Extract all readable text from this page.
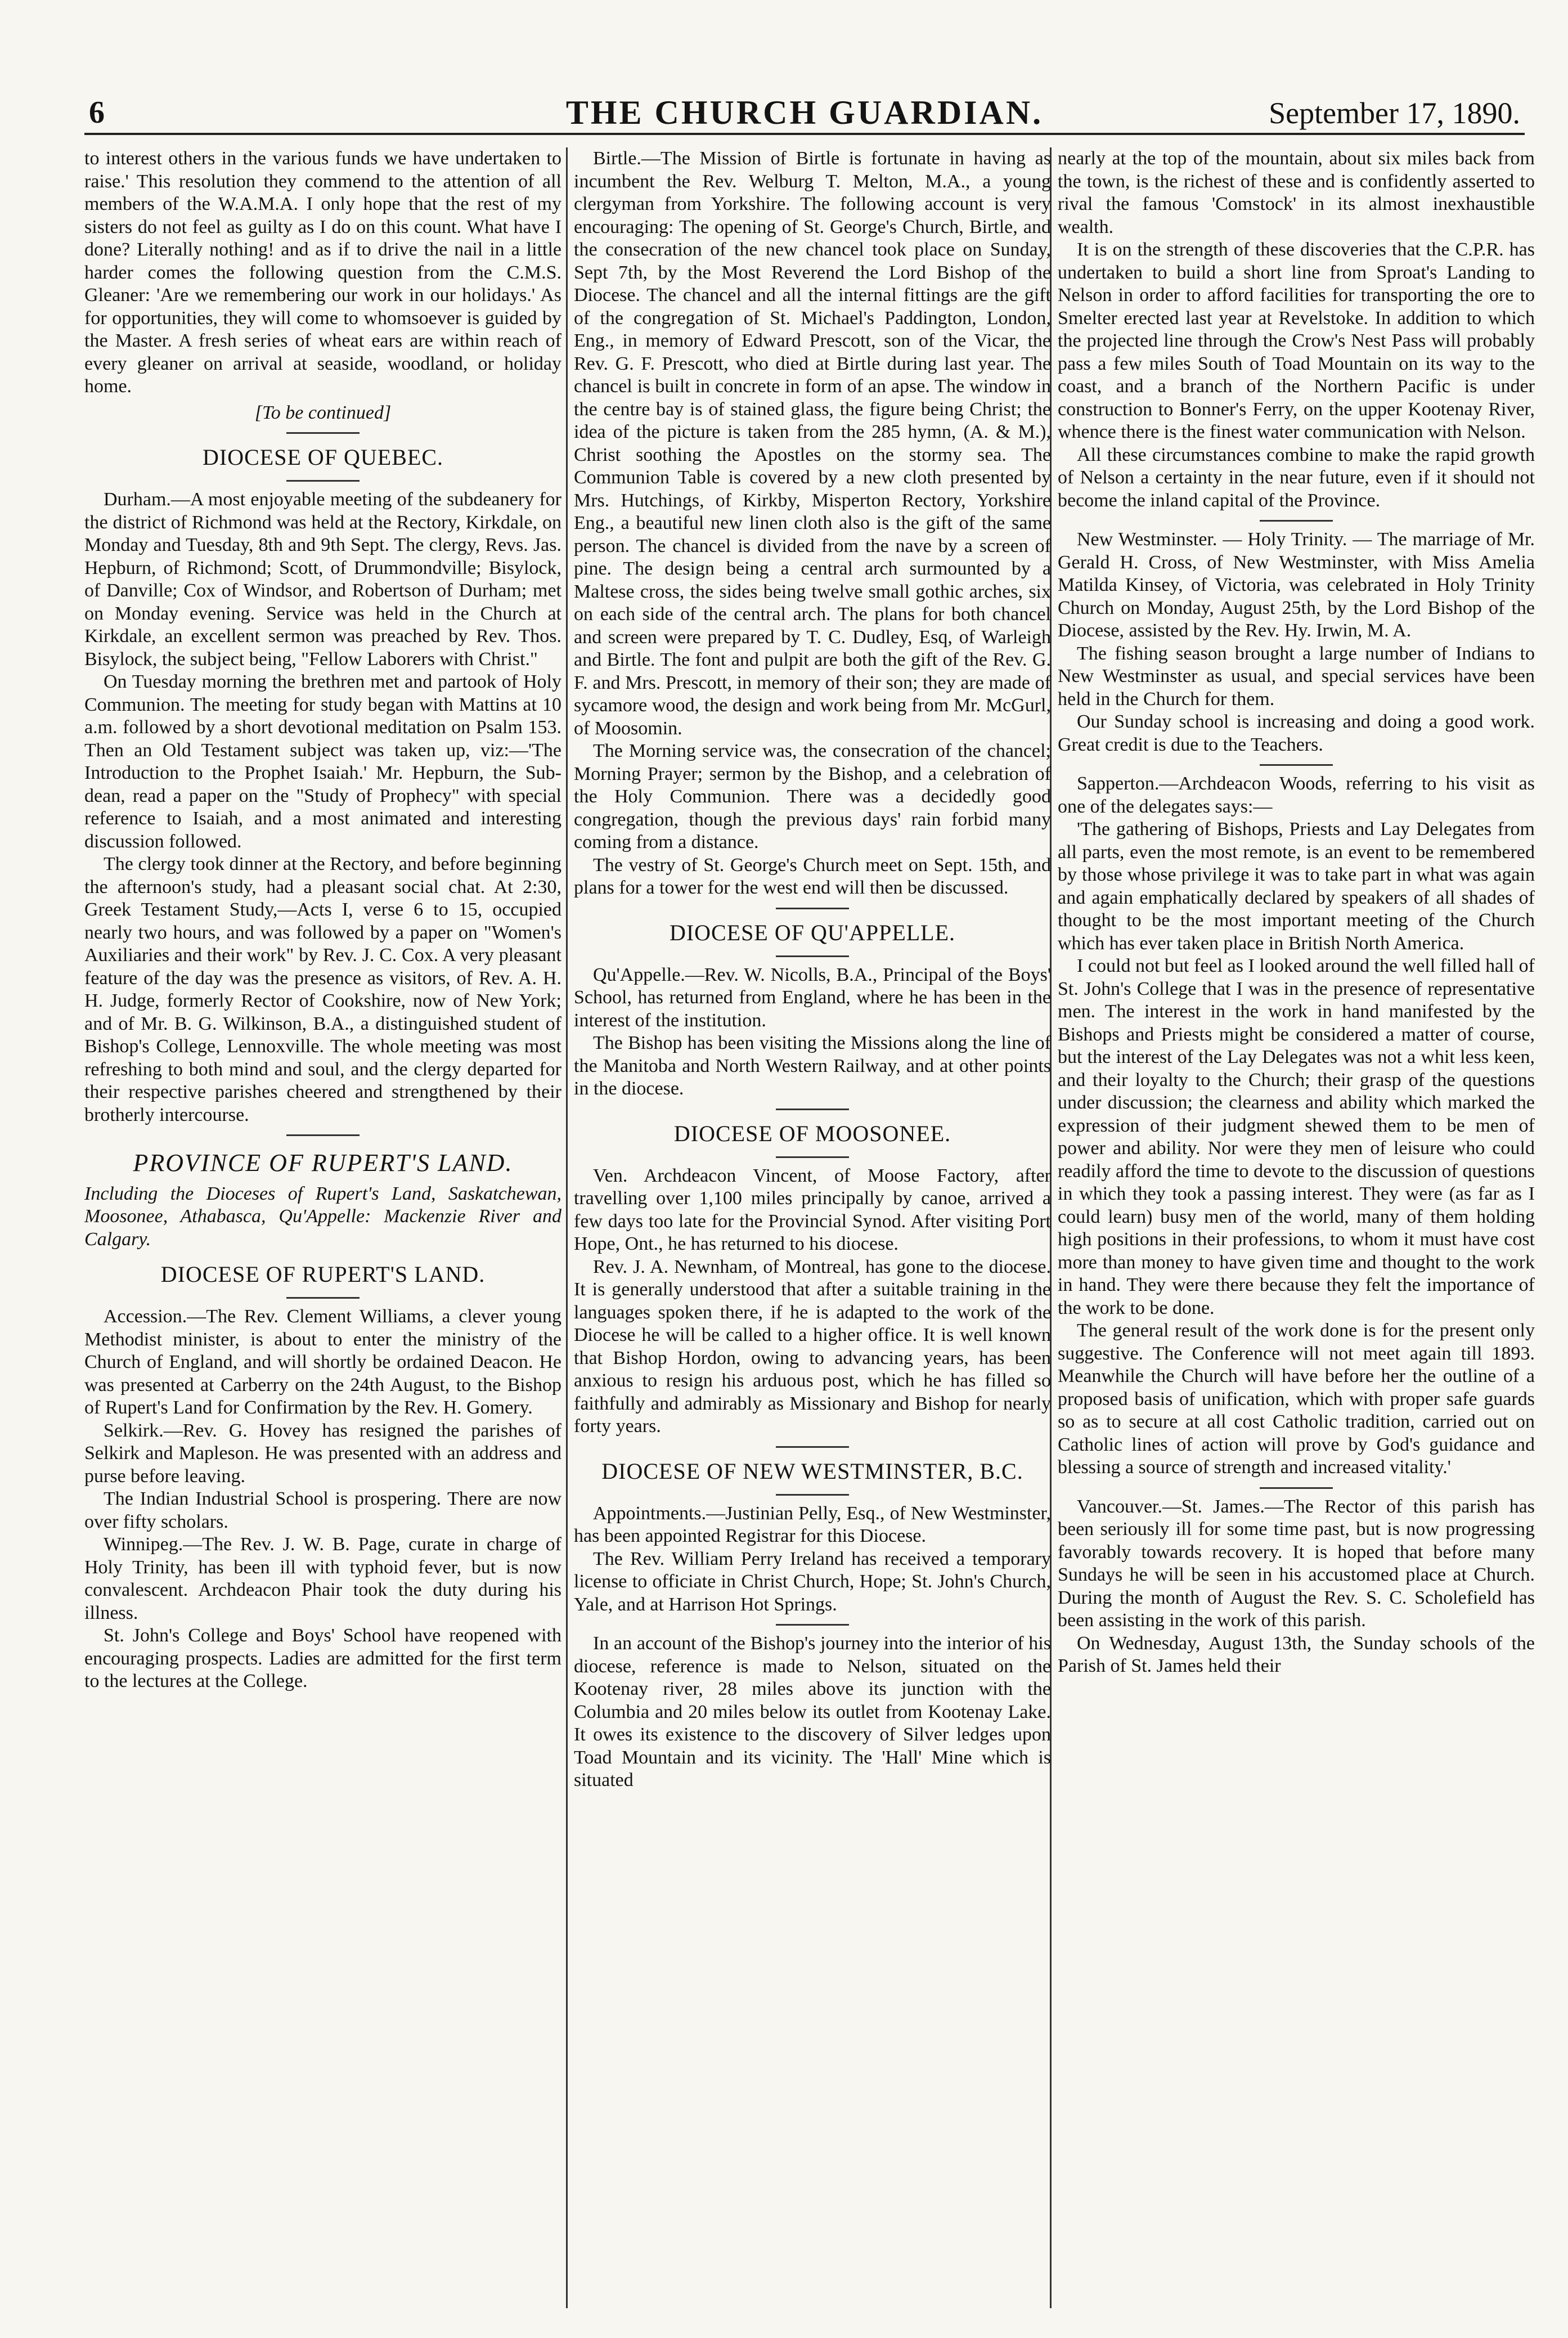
6	THE CHURCH GUARDIAN.	September 17, 1890.

to interest others in the various funds we have undertaken to raise.' This resolution they commend to the attention of all members of the W.A.M.A. I only hope that the rest of my sisters do not feel as guilty as I do on this count. What have I done? Literally nothing! and as if to drive the nail in a little harder comes the following question from the C.M.S. Gleaner: 'Are we remembering our work in our holidays.' As for opportunities, they will come to whomsoever is guided by the Master. A fresh series of wheat ears are within reach of every gleaner on arrival at seaside, woodland, or holiday home.

[To be continued]
DIOCESE OF QUEBEC.

Durham.—A most enjoyable meeting of the subdeanery for the district of Richmond was held at the Rectory, Kirkdale, on Monday and Tuesday, 8th and 9th Sept. The clergy, Revs. Jas. Hepburn, of Richmond; Scott, of Drummondville; Bisylock, of Danville; Cox of Windsor, and Robertson of Durham; met on Monday evening. Service was held in the Church at Kirkdale, an excellent sermon was preached by Rev. Thos. Bisylock, the subject being, "Fellow Laborers with Christ."

On Tuesday morning the brethren met and partook of Holy Communion. The meeting for study began with Mattins at 10 a.m. followed by a short devotional meditation on Psalm 153. Then an Old Testament subject was taken up, viz:—'The Introduction to the Prophet Isaiah.' Mr. Hepburn, the Sub-dean, read a paper on the "Study of Prophecy" with special reference to Isaiah, and a most animated and interesting discussion followed.

The clergy took dinner at the Rectory, and before beginning the afternoon's study, had a pleasant social chat. At 2:30, Greek Testament Study,—Acts I, verse 6 to 15, occupied nearly two hours, and was followed by a paper on "Women's Auxiliaries and their work" by Rev. J. C. Cox. A very pleasant feature of the day was the presence as visitors, of Rev. A. H. H. Judge, formerly Rector of Cookshire, now of New York; and of Mr. B. G. Wilkinson, B.A., a distinguished student of Bishop's College, Lennoxville. The whole meeting was most refreshing to both mind and soul, and the clergy departed for their respective parishes cheered and strengthened by their brotherly intercourse.

PROVINCE OF RUPERT'S LAND.
Including the Dioceses of Rupert's Land, Saskatchewan, Moosonee, Athabasca, Qu'Appelle: Mackenzie River and Calgary.
DIOCESE OF RUPERT'S LAND.

Accession.—The Rev. Clement Williams, a clever young Methodist minister, is about to enter the ministry of the Church of England, and will shortly be ordained Deacon. He was presented at Carberry on the 24th August, to the Bishop of Rupert's Land for Confirmation by the Rev. H. Gomery.

Selkirk.—Rev. G. Hovey has resigned the parishes of Selkirk and Mapleson. He was presented with an address and purse before leaving.

The Indian Industrial School is prospering. There are now over fifty scholars.

Winnipeg.—The Rev. J. W. B. Page, curate in charge of Holy Trinity, has been ill with typhoid fever, but is now convalescent. Archdeacon Phair took the duty during his illness.

St. John's College and Boys' School have reopened with encouraging prospects. Ladies are admitted for the first term to the lectures at the College.

Birtle.—The Mission of Birtle is fortunate in having as incumbent the Rev. Welburg T. Melton, M.A., a young clergyman from Yorkshire. The following account is very encouraging: The opening of St. George's Church, Birtle, and the consecration of the new chancel took place on Sunday, Sept 7th, by the Most Reverend the Lord Bishop of the Diocese. The chancel and all the internal fittings are the gift of the congregation of St. Michael's Paddington, London, Eng., in memory of Edward Prescott, son of the Vicar, the Rev. G. F. Prescott, who died at Birtle during last year. The chancel is built in concrete in form of an apse. The window in the centre bay is of stained glass, the figure being Christ; the idea of the picture is taken from the 285 hymn, (A. & M.), Christ soothing the Apostles on the stormy sea. The Communion Table is covered by a new cloth presented by Mrs. Hutchings, of Kirkby, Misperton Rectory, Yorkshire Eng., a beautiful new linen cloth also is the gift of the same person. The chancel is divided from the nave by a screen of pine. The design being a central arch surmounted by a Maltese cross, the sides being twelve small gothic arches, six on each side of the central arch. The plans for both chancel and screen were prepared by T. C. Dudley, Esq, of Warleigh and Birtle. The font and pulpit are both the gift of the Rev. G. F. and Mrs. Prescott, in memory of their son; they are made of sycamore wood, the design and work being from Mr. McGurl, of Moosomin.

The Morning service was, the consecration of the chancel; Morning Prayer; sermon by the Bishop, and a celebration of the Holy Communion. There was a decidedly good congregation, though the previous days' rain forbid many coming from a distance.

The vestry of St. George's Church meet on Sept. 15th, and plans for a tower for the west end will then be discussed.

DIOCESE OF QU'APPELLE.

Qu'Appelle.—Rev. W. Nicolls, B.A., Principal of the Boys' School, has returned from England, where he has been in the interest of the institution.

The Bishop has been visiting the Missions along the line of the Manitoba and North Western Railway, and at other points in the diocese.

DIOCESE OF MOOSONEE.

Ven. Archdeacon Vincent, of Moose Factory, after travelling over 1,100 miles principally by canoe, arrived a few days too late for the Provincial Synod. After visiting Port Hope, Ont., he has returned to his diocese.

Rev. J. A. Newnham, of Montreal, has gone to the diocese. It is generally understood that after a suitable training in the languages spoken there, if he is adapted to the work of the Diocese he will be called to a higher office. It is well known that Bishop Hordon, owing to advancing years, has been anxious to resign his arduous post, which he has filled so faithfully and admirably as Missionary and Bishop for nearly forty years.

DIOCESE OF NEW WESTMINSTER, B.C.

Appointments.—Justinian Pelly, Esq., of New Westminster, has been appointed Registrar for this Diocese.

The Rev. William Perry Ireland has received a temporary license to officiate in Christ Church, Hope; St. John's Church, Yale, and at Harrison Hot Springs.

In an account of the Bishop's journey into the interior of his diocese, reference is made to Nelson, situated on the Kootenay river, 28 miles above its junction with the Columbia and 20 miles below its outlet from Kootenay Lake. It owes its existence to the discovery of Silver ledges upon Toad Mountain and its vicinity. The 'Hall' Mine which is situated

nearly at the top of the mountain, about six miles back from the town, is the richest of these and is confidently asserted to rival the famous 'Comstock' in its almost inexhaustible wealth.

It is on the strength of these discoveries that the C.P.R. has undertaken to build a short line from Sproat's Landing to Nelson in order to afford facilities for transporting the ore to Smelter erected last year at Revelstoke. In addition to which the projected line through the Crow's Nest Pass will probably pass a few miles South of Toad Mountain on its way to the coast, and a branch of the Northern Pacific is under construction to Bonner's Ferry, on the upper Kootenay River, whence there is the finest water communication with Nelson.

All these circumstances combine to make the rapid growth of Nelson a certainty in the near future, even if it should not become the inland capital of the Province.

New Westminster. — Holy Trinity. — The marriage of Mr. Gerald H. Cross, of New Westminster, with Miss Amelia Matilda Kinsey, of Victoria, was celebrated in Holy Trinity Church on Monday, August 25th, by the Lord Bishop of the Diocese, assisted by the Rev. Hy. Irwin, M. A.

The fishing season brought a large number of Indians to New Westminster as usual, and special services have been held in the Church for them.

Our Sunday school is increasing and doing a good work. Great credit is due to the Teachers.

Sapperton.—Archdeacon Woods, referring to his visit as one of the delegates says:—

'The gathering of Bishops, Priests and Lay Delegates from all parts, even the most remote, is an event to be remembered by those whose privilege it was to take part in what was again and again emphatically declared by speakers of all shades of thought to be the most important meeting of the Church which has ever taken place in British North America.

I could not but feel as I looked around the well filled hall of St. John's College that I was in the presence of representative men. The interest in the work in hand manifested by the Bishops and Priests might be considered a matter of course, but the interest of the Lay Delegates was not a whit less keen, and their loyalty to the Church; their grasp of the questions under discussion; the clearness and ability which marked the expression of their judgment shewed them to be men of power and ability. Nor were they men of leisure who could readily afford the time to devote to the discussion of questions in which they took a passing interest. They were (as far as I could learn) busy men of the world, many of them holding high positions in their professions, to whom it must have cost more than money to have given time and thought to the work in hand. They were there because they felt the importance of the work to be done.

The general result of the work done is for the present only suggestive. The Conference will not meet again till 1893. Meanwhile the Church will have before her the outline of a proposed basis of unification, which with proper safe guards so as to secure at all cost Catholic tradition, carried out on Catholic lines of action will prove by God's guidance and blessing a source of strength and increased vitality.'

Vancouver.—St. James.—The Rector of this parish has been seriously ill for some time past, but is now progressing favorably towards recovery. It is hoped that before many Sundays he will be seen in his accustomed place at Church. During the month of August the Rev. S. C. Scholefield has been assisting in the work of this parish.

On Wednesday, August 13th, the Sunday schools of the Parish of St. James held their
